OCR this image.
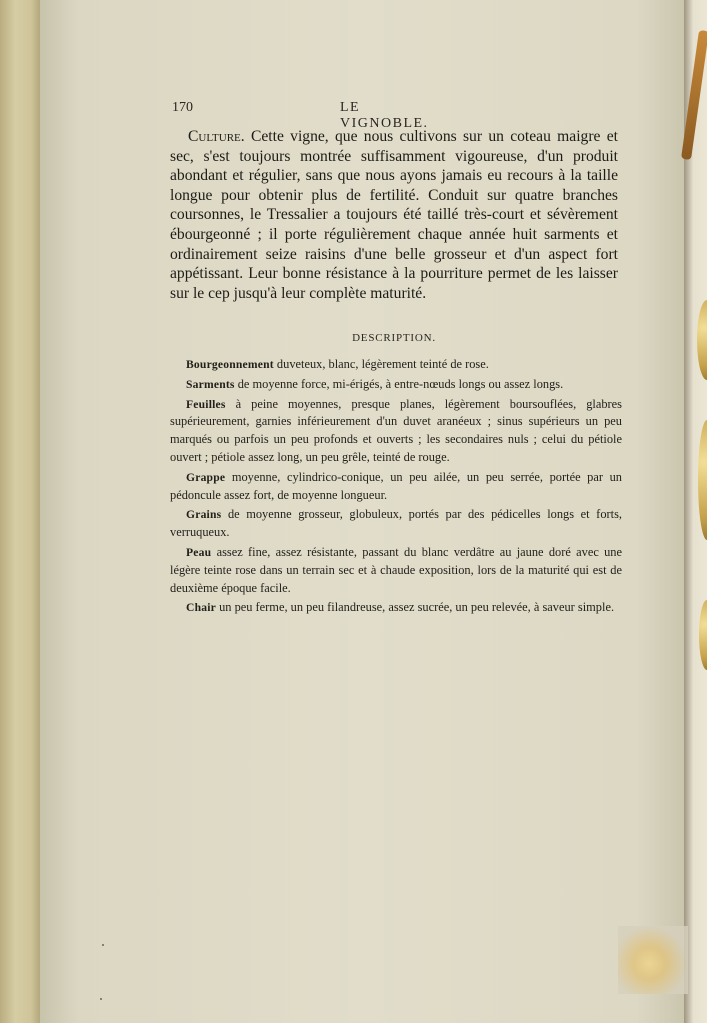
170	LE VIGNOBLE.
Culture. Cette vigne, que nous cultivons sur un coteau maigre et sec, s'est toujours montrée suffisamment vigoureuse, d'un produit abondant et régulier, sans que nous ayons jamais eu recours à la taille longue pour obtenir plus de fertilité. Conduit sur quatre branches coursonnes, le Tressalier a toujours été taillé très-court et sévèrement ébourgeonné ; il porte régulièrement chaque année huit sarments et ordinairement seize raisins d'une belle grosseur et d'un aspect fort appétissant. Leur bonne résistance à la pourriture permet de les laisser sur le cep jusqu'à leur complète maturité.
DESCRIPTION.
Bourgeonnement duveteux, blanc, légèrement teinté de rose.
Sarments de moyenne force, mi-érigés, à entre-nœuds longs ou assez longs.
Feuilles à peine moyennes, presque planes, légèrement boursouflées, glabres supérieurement, garnies inférieurement d'un duvet aranéeux ; sinus supérieurs un peu marqués ou parfois un peu profonds et ouverts ; les secondaires nuls ; celui du pétiole ouvert ; pétiole assez long, un peu grêle, teinté de rouge.
Grappe moyenne, cylindrico-conique, un peu ailée, un peu serrée, portée par un pédoncule assez fort, de moyenne longueur.
Grains de moyenne grosseur, globuleux, portés par des pédicelles longs et forts, verruqueux.
Peau assez fine, assez résistante, passant du blanc verdâtre au jaune doré avec une légère teinte rose dans un terrain sec et à chaude exposition, lors de la maturité qui est de deuxième époque facile.
Chair un peu ferme, un peu filandreuse, assez sucrée, un peu relevée, à saveur simple.
